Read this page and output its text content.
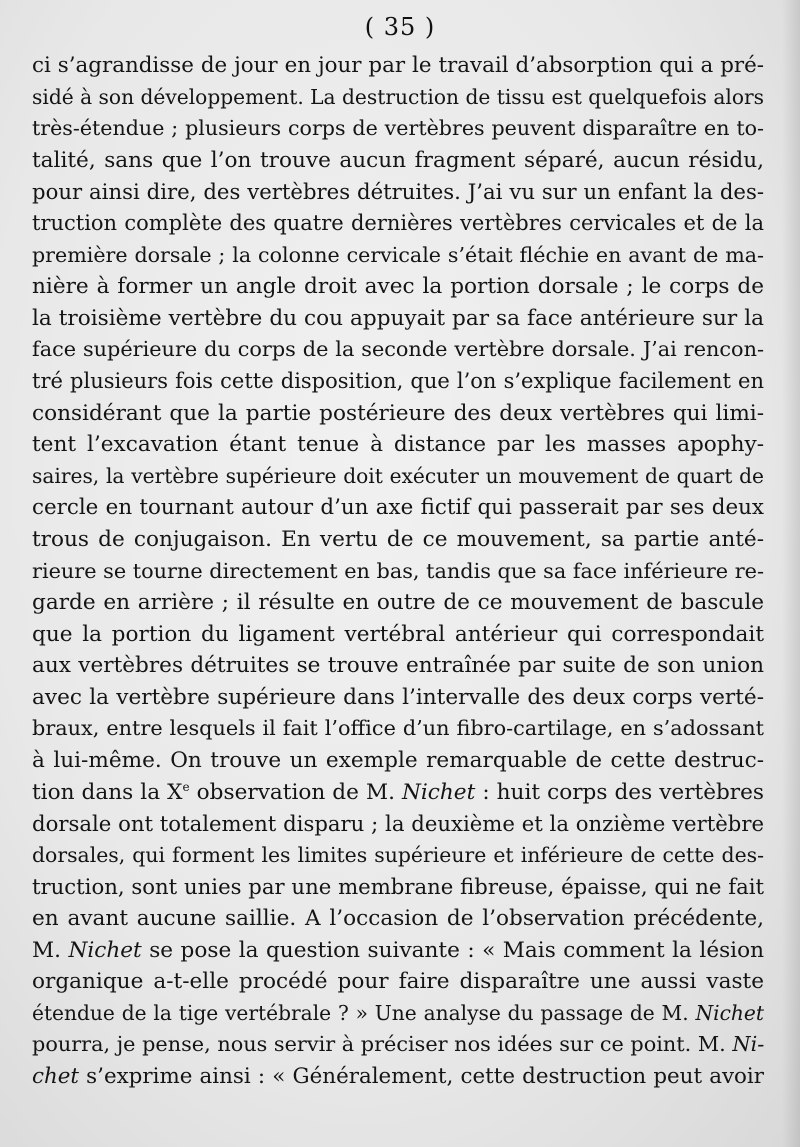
( 35 )
ci s’agrandisse de jour en jour par le travail d’absorption qui a pré-
sidé à son développement. La destruction de tissu est quelquefois alors
très-étendue ; plusieurs corps de vertèbres peuvent disparaître en to-
talité, sans que l’on trouve aucun fragment séparé, aucun résidu,
pour ainsi dire, des vertèbres détruites. J’ai vu sur un enfant la des-
truction complète des quatre dernières vertèbres cervicales et de la
première dorsale ; la colonne cervicale s’était fléchie en avant de ma-
nière à former un angle droit avec la portion dorsale ; le corps de
la troisième vertèbre du cou appuyait par sa face antérieure sur la
face supérieure du corps de la seconde vertèbre dorsale. J’ai rencon-
tré plusieurs fois cette disposition, que l’on s’explique facilement en
considérant que la partie postérieure des deux vertèbres qui limi-
tent l’excavation étant tenue à distance par les masses apophy-
saires, la vertèbre supérieure doit exécuter un mouvement de quart de
cercle en tournant autour d’un axe fictif qui passerait par ses deux
trous de conjugaison. En vertu de ce mouvement, sa partie anté-
rieure se tourne directement en bas, tandis que sa face inférieure re-
garde en arrière ; il résulte en outre de ce mouvement de bascule
que la portion du ligament vertébral antérieur qui correspondait
aux vertèbres détruites se trouve entraînée par suite de son union
avec la vertèbre supérieure dans l’intervalle des deux corps verté-
braux, entre lesquels il fait l’office d’un fibro-cartilage, en s’adossant
à lui-même. On trouve un exemple remarquable de cette destruc-
tion dans la Xe observation de M. Nichet : huit corps des vertèbres
dorsale ont totalement disparu ; la deuxième et la onzième vertèbre
dorsales, qui forment les limites supérieure et inférieure de cette des-
truction, sont unies par une membrane fibreuse, épaisse, qui ne fait
en avant aucune saillie. A l’occasion de l’observation précédente,
M. Nichet se pose la question suivante : « Mais comment la lésion
organique a-t-elle procédé pour faire disparaître une aussi vaste
étendue de la tige vertébrale ? » Une analyse du passage de M. Nichet
pourra, je pense, nous servir à préciser nos idées sur ce point. M. Ni-
chet s’exprime ainsi : « Généralement, cette destruction peut avoir
